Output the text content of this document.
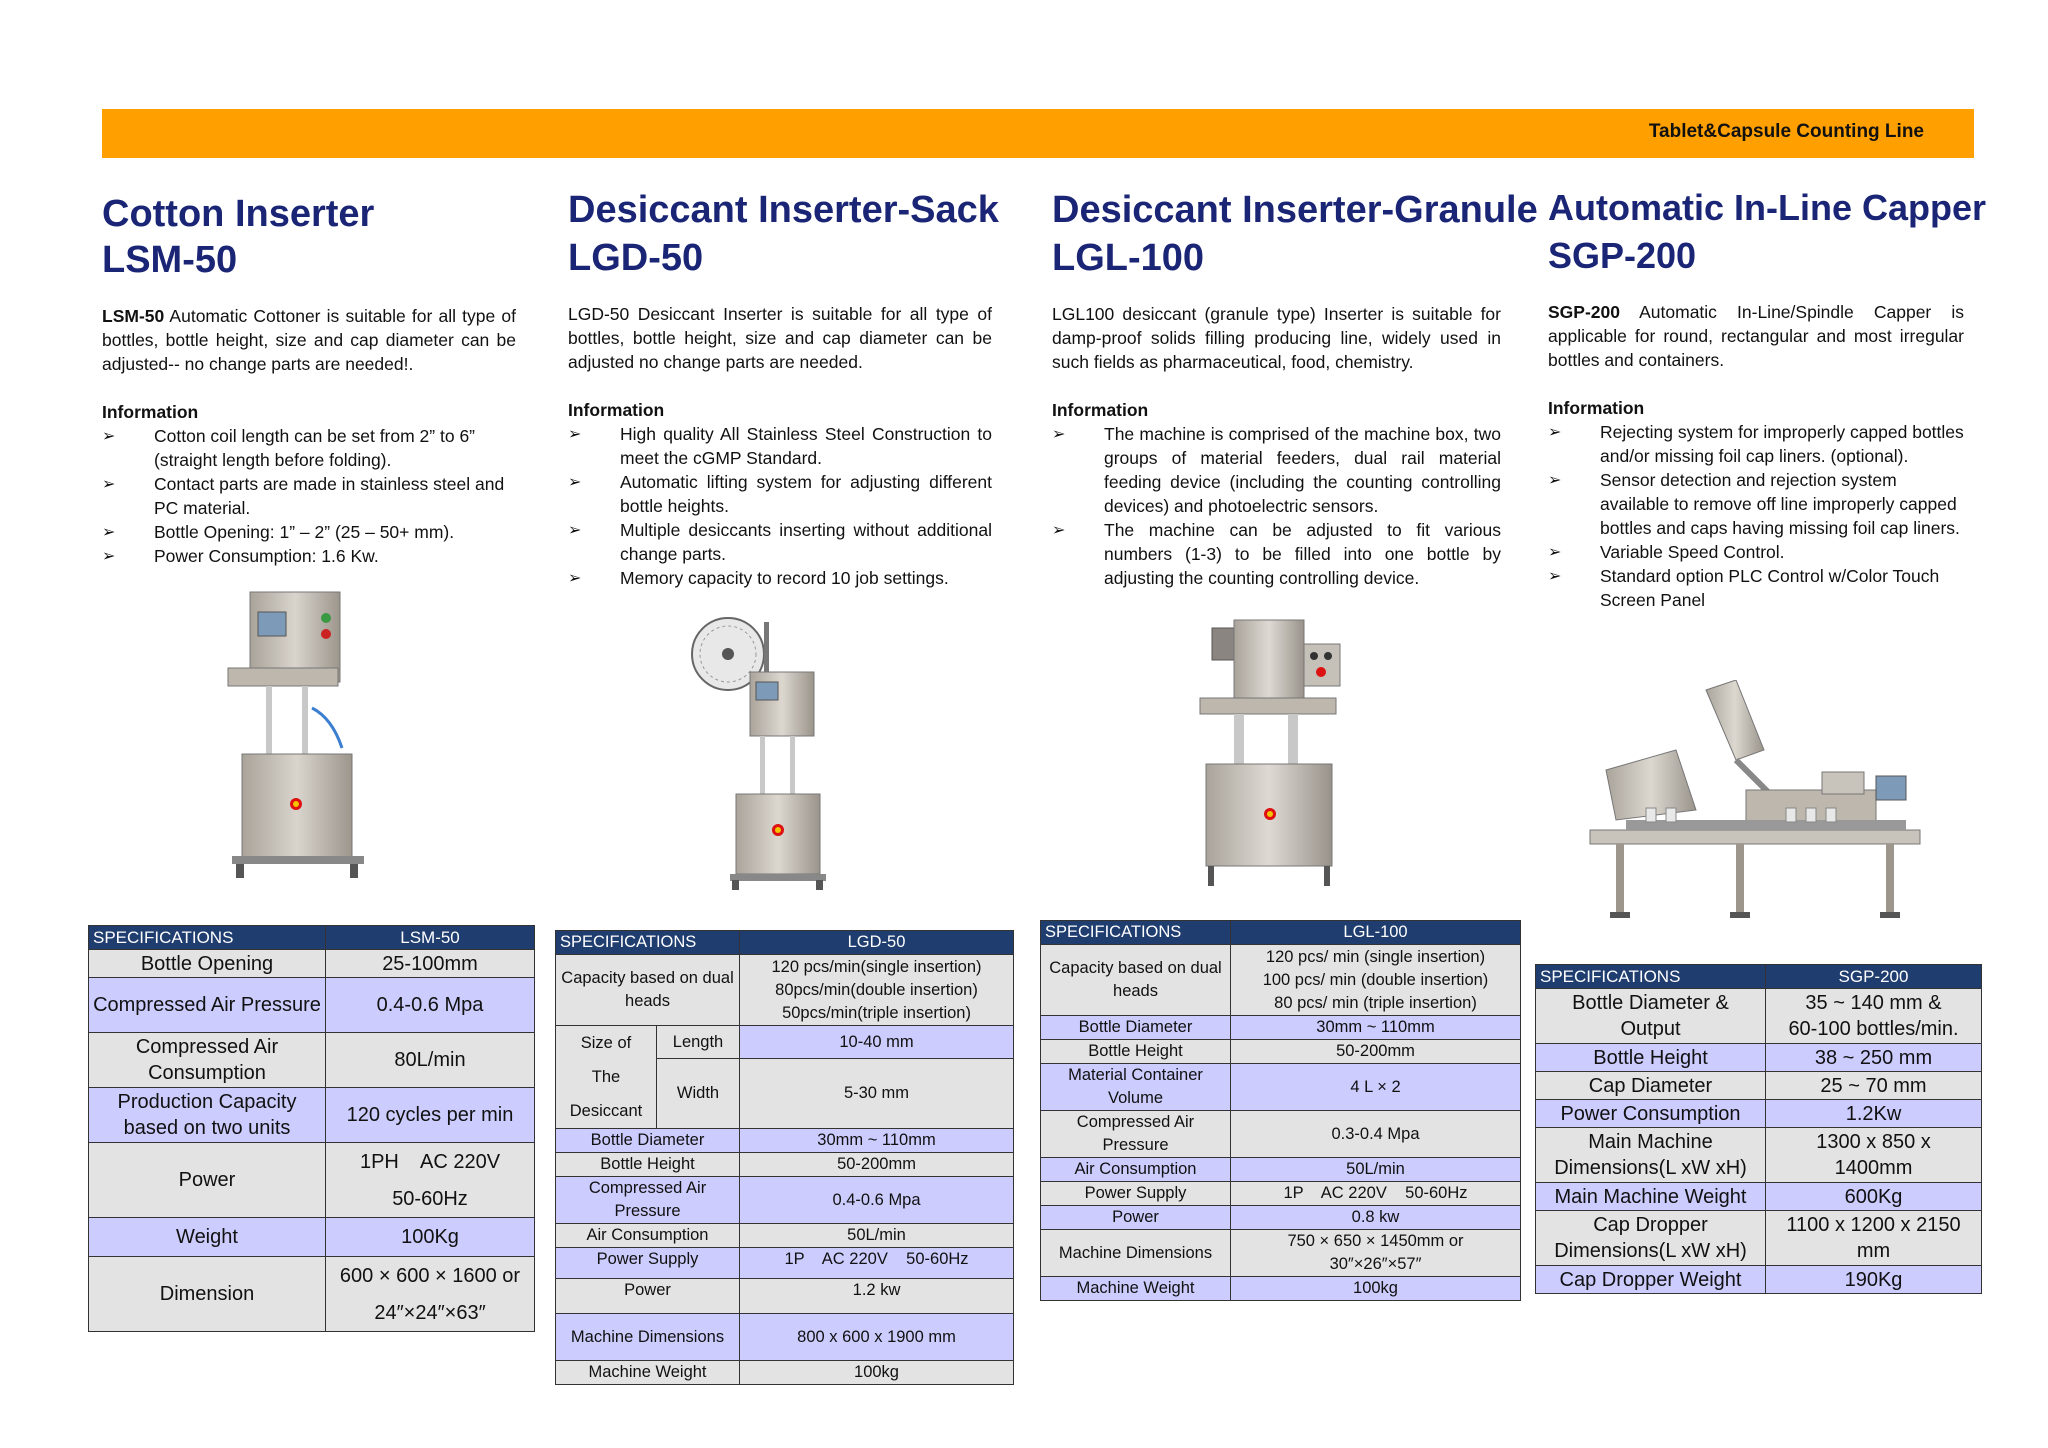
Tablet&Capsule Counting Line
Cotton Inserter
LSM-50

LSM-50 Automatic Cottoner is suitable for all type of bottles, bottle height, size and cap diameter can be adjusted-- no change parts are needed!.

Information

➢ Cotton coil length can be set from 2” to 6” (straight length before folding).
➢ Contact parts are made in stainless steel and PC material.
➢ Bottle Opening: 1” – 2” (25 – 50+ mm).
➢ Power Consumption: 1.6 Kw.
SPECIFICATIONS	LSM-50
Bottle Opening	25-100mm
Compressed Air Pressure	0.4-0.6 Mpa
Compressed Air Consumption	80L/min
Production Capacity based on two units	120 cycles per min
Power	1PH    AC 220V
50-60Hz

Weight	100Kg
Dimension	600 × 600 × 1600 or
24″×24″×63″
Desiccant Inserter-Sack
LGD-50

LGD-50 Desiccant Inserter is suitable for all type of bottles, bottle height, size and cap diameter can be adjusted no change parts are needed.

Information

➢ High quality All Stainless Steel Construction to meet the cGMP Standard.
➢ Automatic lifting system for adjusting different bottle heights.
➢ Multiple desiccants inserting without additional change parts.
➢ Memory capacity to record 10 job settings.
SPECIFICATIONS		LGD-50
Capacity based on dual heads		120 pcs/min(single insertion)
80pcs/min(double insertion)
50pcs/min(triple insertion)

Size of
The
Desiccant	Length	10-40 mm
	Width	5-30 mm
Bottle Diameter		30mm ~ 110mm
Bottle Height		50-200mm
Compressed Air Pressure		0.4-0.6 Mpa
Air Consumption		50L/min
Power Supply		1P    AC 220V    50-60Hz
Power		1.2 kw
Machine Dimensions		800 x 600 x 1900 mm
Machine Weight		100kg
Desiccant Inserter-Granule
LGL-100

LGL100 desiccant (granule type) Inserter is suitable for damp-proof solids filling producing line, widely used in such fields as pharmaceutical, food, chemistry.

Information

➢ The machine is comprised of the machine box, two groups of material feeders, dual rail material feeding device (including the counting controlling devices) and photoelectric sensors.
➢ The machine can be adjusted to fit various numbers (1-3) to be filled into one bottle by adjusting the counting controlling device.
SPECIFICATIONS	LGL-100
Capacity based on dual heads	120 pcs/ min (single insertion)
100 pcs/ min (double insertion)
80 pcs/ min (triple insertion)

Bottle Diameter	30mm ~ 110mm
Bottle Height	50-200mm
Material Container Volume	4 L × 2
Compressed Air Pressure	0.3-0.4 Mpa
Air Consumption	50L/min
Power Supply	1P    AC 220V    50-60Hz
Power	0.8 kw
Machine Dimensions	750 × 650 × 1450mm or
30″×26″×57″

Machine Weight	100kg
Automatic In-Line Capper
SGP-200

SGP-200 Automatic In-Line/Spindle Capper is applicable for round, rectangular and most irregular bottles and containers.

Information

➢ Rejecting system for improperly capped bottles and/or missing foil cap liners. (optional).
➢ Sensor detection and rejection system available to remove off line improperly capped bottles and caps having missing foil cap liners.
➢ Variable Speed Control.
➢ Standard option PLC Control w/Color Touch Screen Panel
SPECIFICATIONS	SGP-200
Bottle Diameter & Output	35 ~ 140 mm &
60-100 bottles/min.

Bottle Height	38 ~ 250 mm
Cap Diameter	25 ~ 70 mm
Power Consumption	1.2Kw
Main Machine Dimensions(L xW xH)	1300 x 850 x
1400mm

Main Machine Weight	600Kg
Cap Dropper Dimensions(L xW xH)	1100 x 1200 x 2150
mm

Cap Dropper Weight	190Kg
